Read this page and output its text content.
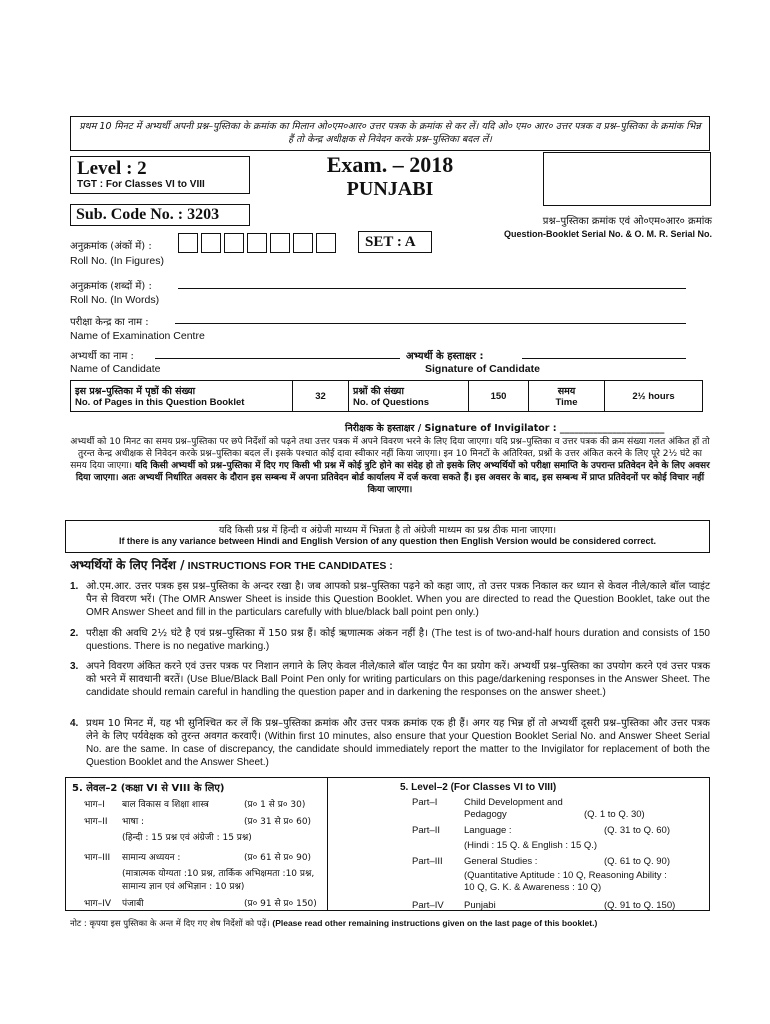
प्रथम 10 मिनट में अभ्यर्थी अपनी प्रश्न–पुस्तिका के क्रमांक का मिलान ओ०एम०आर० उत्तर पत्रक के क्रमांक से कर लें। यदि ओ० एम० आर० उत्तर पत्रक व प्रश्न–पुस्तिका के क्रमांक भिन्न हैं तो केन्द्र अधीक्षक से निवेदन करके प्रश्न–पुस्तिका बदल लें।
Level : 2
TGT : For Classes VI to VIII
Exam. – 2018
PUNJABI
Sub. Code No. : 3203	प्रश्न–पुस्तिका क्रमांक एवं ओ०एम०आर० क्रमांक
Question-Booklet Serial No. & O. M. R. Serial No.
अनुक्रमांक (अंकों में) :	SET : A
Roll No. (In Figures)
अनुक्रमांक (शब्दों में) :
Roll No. (In Words)
परीक्षा केन्द्र का नाम :
Name of Examination Centre
अभ्यर्थी का नाम :	अभ्यर्थी के हस्ताक्षर :
Name of Candidate	Signature of Candidate
इस प्रश्न–पुस्तिका में पृष्ठों की संख्या
No. of Pages in this Question Booklet
	32	प्रश्नों की संख्या
No. of Questions
	150	समय
Time
	2½ hours
निरीक्षक के हस्ताक्षर / Signature of Invigilator : ______________________
अभ्यर्थी को 10 मिनट का समय प्रश्न–पुस्तिका पर छपे निर्देशों को पढ़ने तथा उत्तर पत्रक में अपने विवरण भरने के लिए दिया जाएगा। यदि प्रश्न–पुस्तिका व उत्तर पत्रक की क्रम संख्या गलत अंकित हों तो तुरन्त केन्द्र अधीक्षक से निवेदन करके प्रश्न–पुस्तिका बदल लें। इसके पश्चात कोई दावा स्वीकार नहीं किया जाएगा। इन 10 मिनटों के अतिरिक्त, प्रश्नों के उत्तर अंकित करने के लिए पूरे 2½ घंटे का समय दिया जाएगा। यदि किसी अभ्यर्थी को प्रश्न–पुस्तिका में दिए गए किसी भी प्रश्न में कोई त्रुटि होने का संदेह हो तो इसके लिए अभ्यर्थियों को परीक्षा समाप्ति के उपरान्त प्रतिवेदन देने के लिए अवसर दिया जाएगा। अतः अभ्यर्थी निर्धारित अवसर के दौरान इस सम्बन्ध में अपना प्रतिवेदन बोर्ड कार्यालय में दर्ज करवा सकते हैं। इस अवसर के बाद, इस सम्बन्ध में प्राप्त प्रतिवेदनों पर कोई विचार नहीं किया जाएगा।
यदि किसी प्रश्न में हिन्दी व अंग्रेजी माध्यम में भिन्नता है तो अंग्रेजी माध्यम का प्रश्न ठीक माना जाएगा।
If there is any variance between Hindi and English Version of any question then English Version would be considered correct.
अभ्यर्थियों के लिए निर्देश / INSTRUCTIONS FOR THE CANDIDATES :
1. ओ.एम.आर. उत्तर पत्रक इस प्रश्न–पुस्तिका के अन्दर रखा है। जब आपको प्रश्न–पुस्तिका पढ़ने को कहा जाए, तो उत्तर पत्रक निकाल कर ध्यान से केवल नीले/काले बॉल प्वाइंट पैन से विवरण भरें। (The OMR Answer Sheet is inside this Question Booklet. When you are directed to read the Question Booklet, take out the OMR Answer Sheet and fill in the particulars carefully with blue/black ball point pen only.)
2. परीक्षा की अवधि 2½ घंटे है एवं प्रश्न–पुस्तिका में 150 प्रश्न हैं। कोई ऋणात्मक अंकन नहीं है। (The test is of two-and-half hours duration and consists of 150 questions. There is no negative marking.)
3. अपने विवरण अंकित करने एवं उत्तर पत्रक पर निशान लगाने के लिए केवल नीले/काले बॉल प्वाइंट पैन का प्रयोग करें। अभ्यर्थी प्रश्न–पुस्तिका का उपयोग करने एवं उत्तर पत्रक को भरने में सावधानी बरतें। (Use Blue/Black Ball Point Pen only for writing particulars on this page/darkening responses in the Answer Sheet. The candidate should remain careful in handling the question paper and in darkening the responses on the answer sheet.)
4. प्रथम 10 मिनट में, यह भी सुनिश्चित कर लें कि प्रश्न–पुस्तिका क्रमांक और उत्तर पत्रक क्रमांक एक ही हैं। अगर यह भिन्न हों तो अभ्यर्थी दूसरी प्रश्न–पुस्तिका और उत्तर पत्रक लेने के लिए पर्यवेक्षक को तुरन्त अवगत करवाएँ। (Within first 10 minutes, also ensure that your Question Booklet Serial No. and Answer Sheet Serial No. are the same. In case of discrepancy, the candidate should immediately report the matter to the Invigilator for replacement of both the Question Booklet and the Answer Sheet.)
5. लेवल–2 (कक्षा VI से VIII के लिए)
भाग–I	बाल विकास व शिक्षा शास्त्र	(प्र० 1 से प्र० 30)
भाग–II	भाषा :	(प्र० 31 से प्र० 60)
(हिन्दी : 15 प्रश्न एवं अंग्रेजी : 15 प्रश्न)
भाग–III	सामान्य अध्ययन :	(प्र० 61 से प्र० 90)
(मात्रात्मक योग्यता :10 प्रश्न, तार्किक अभिक्षमता :10 प्रश्न, सामान्य ज्ञान एवं अभिज्ञान : 10 प्रश्न)
भाग–IV	पंजाबी	(प्र० 91 से प्र० 150)
5. Level–2 (For Classes VI to VIII)
Part–I	Child Development and Pedagogy	(Q. 1 to Q. 30)
Part–II	Language :	(Q. 31 to Q. 60)
(Hindi : 15 Q. & English : 15 Q.)
Part–III	General Studies :	(Q. 61 to Q. 90)
(Quantitative Aptitude : 10 Q, Reasoning Ability : 10 Q, G. K. & Awareness : 10 Q)
Part–IV	Punjabi	(Q. 91 to Q. 150)
नोट : कृपया इस पुस्तिका के अन्त में दिए गए शेष निर्देशों को पढ़ें। (Please read other remaining instructions given on the last page of this booklet.)
